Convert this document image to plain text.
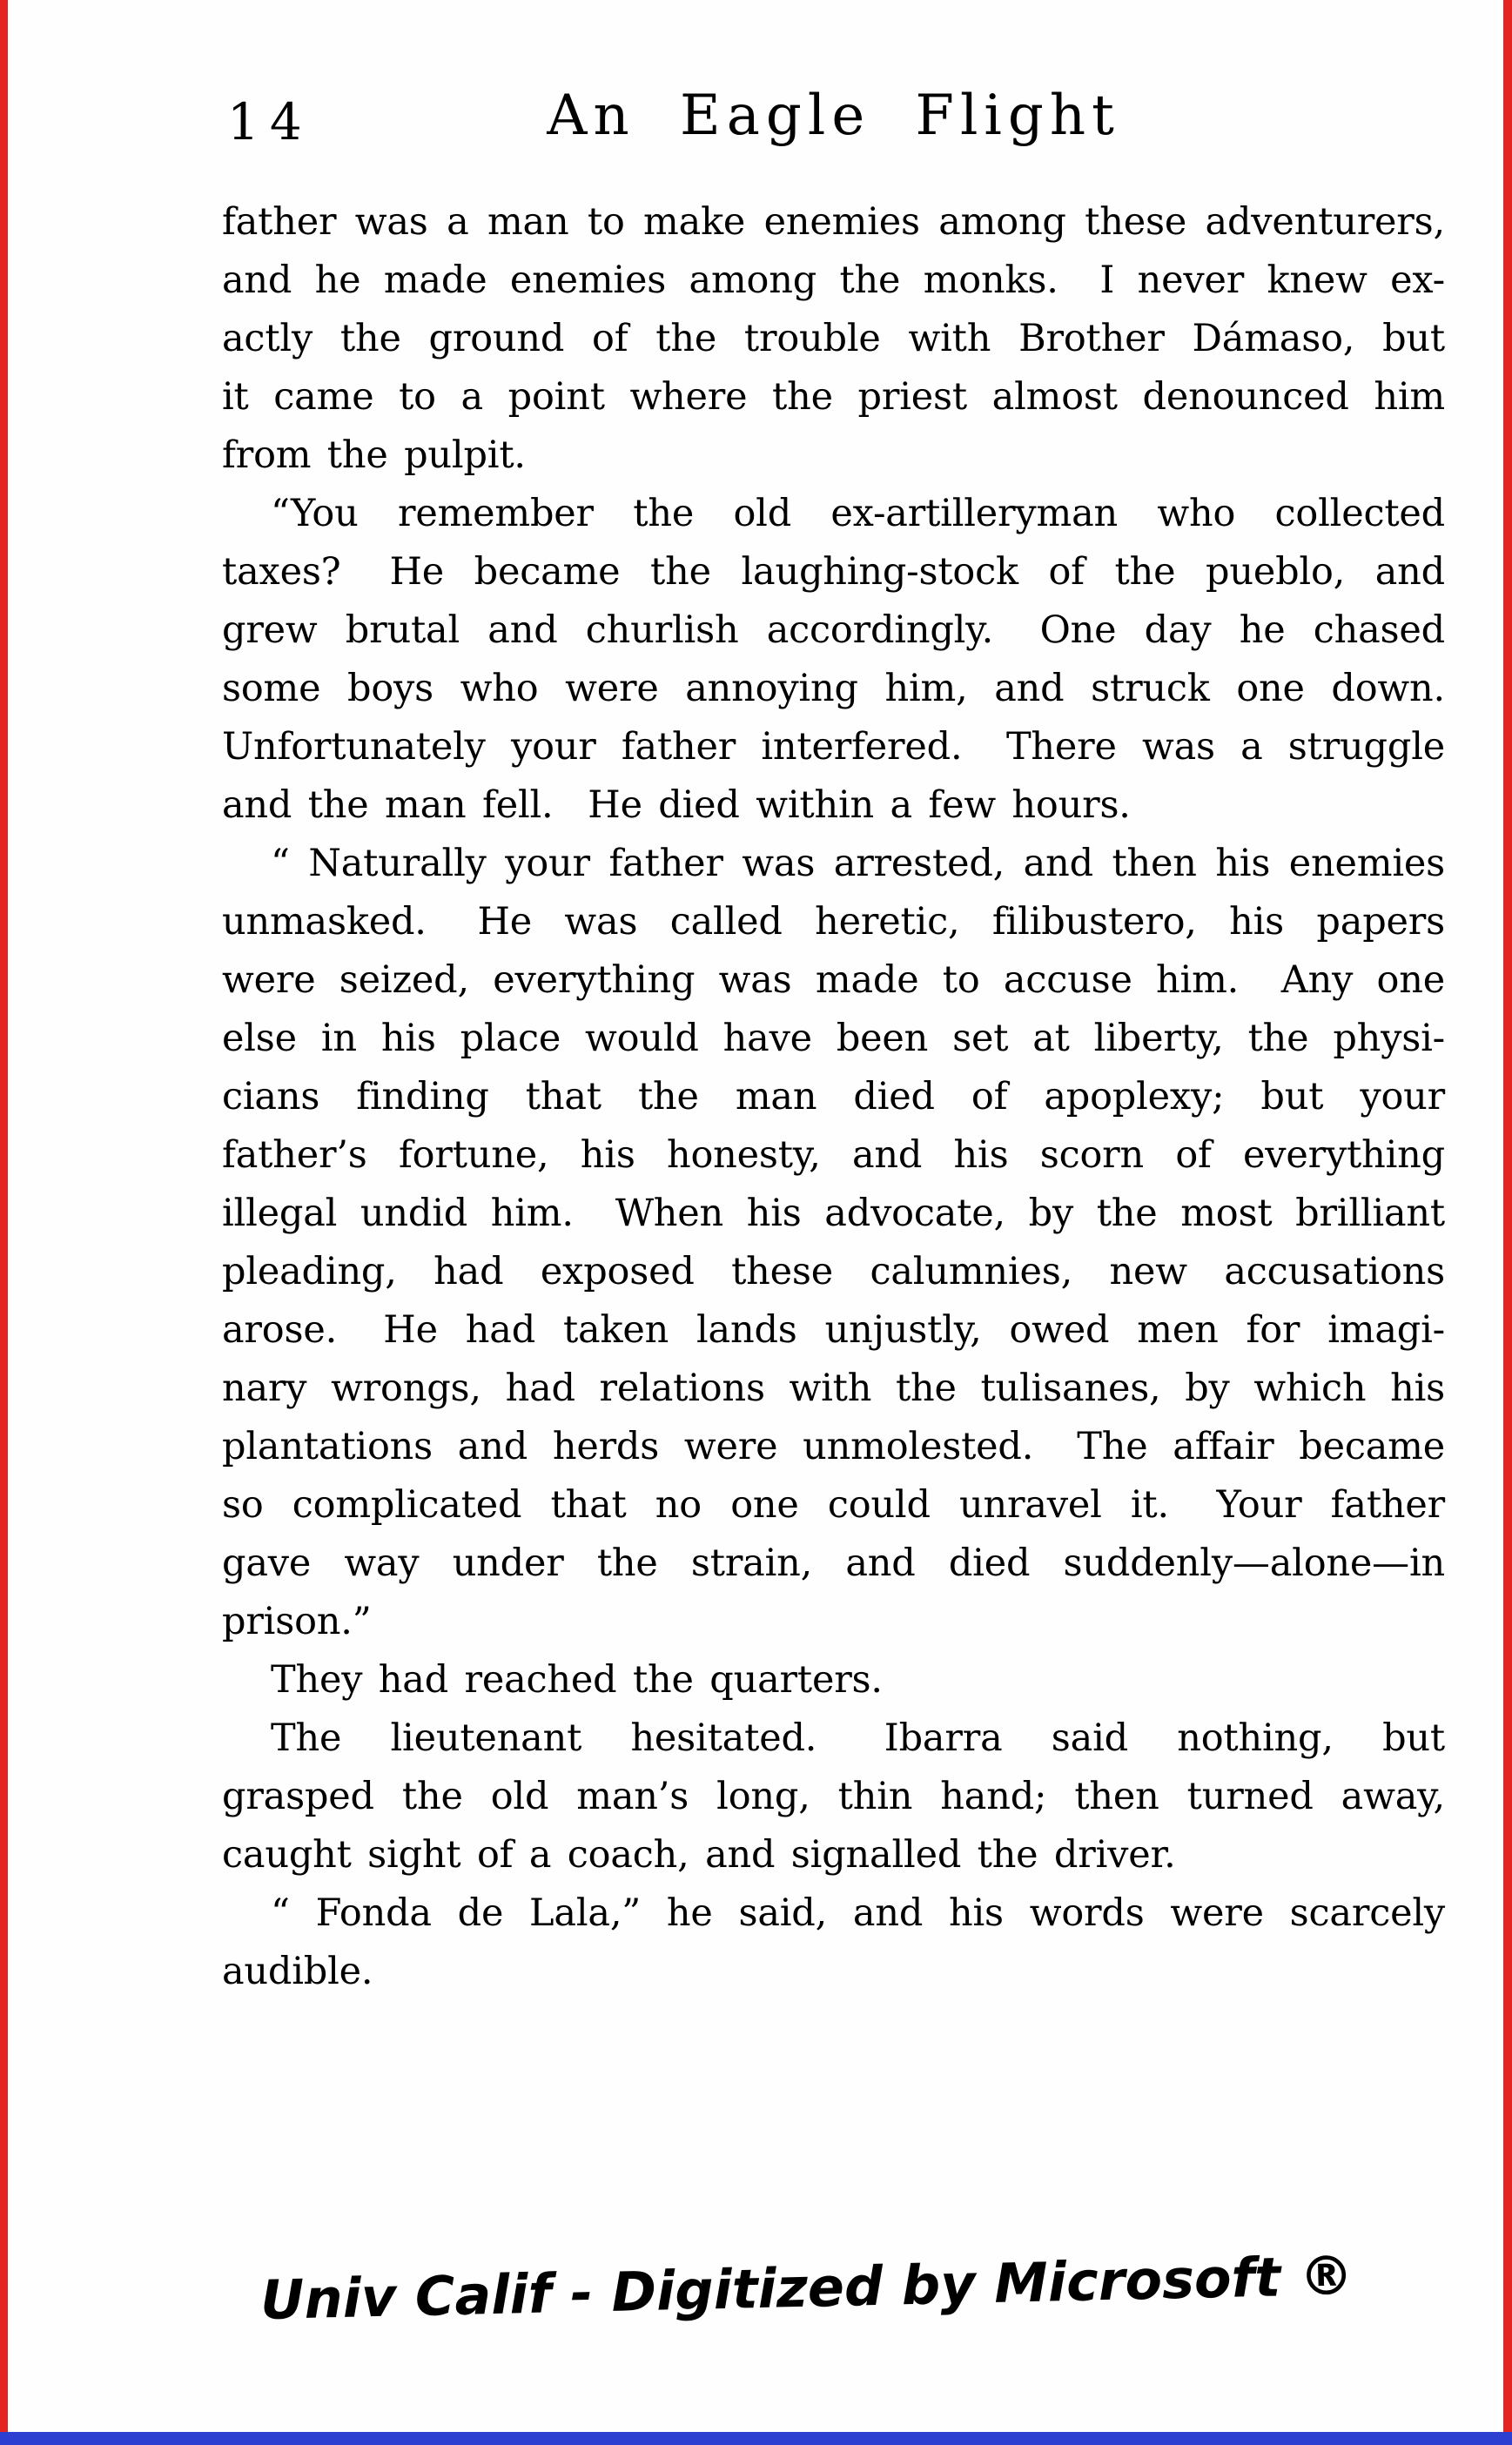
14	An Eagle Flight
father was a man to make enemies among these adventurers,
and he made enemies among the monks.  I never knew ex-
actly the ground of the trouble with Brother Dámaso, but
it came to a point where the priest almost denounced him
from the pulpit.
“You remember the old ex-artilleryman who collected
taxes?  He became the laughing-stock of the pueblo, and
grew brutal and churlish accordingly.  One day he chased
some boys who were annoying him, and struck one down.
Unfortunately your father interfered.  There was a struggle
and the man fell.  He died within a few hours.
“ Naturally your father was arrested, and then his enemies
unmasked.  He was called heretic, filibustero, his papers
were seized, everything was made to accuse him.  Any one
else in his place would have been set at liberty, the physi-
cians finding that the man died of apoplexy; but your
father’s fortune, his honesty, and his scorn of everything
illegal undid him.  When his advocate, by the most brilliant
pleading, had exposed these calumnies, new accusations
arose.  He had taken lands unjustly, owed men for imagi-
nary wrongs, had relations with the tulisanes, by which his
plantations and herds were unmolested.  The affair became
so complicated that no one could unravel it.  Your father
gave way under the strain, and died suddenly—alone—in
prison.”
They had reached the quarters.
The lieutenant hesitated.  Ibarra said nothing, but
grasped the old man’s long, thin hand; then turned away,
caught sight of a coach, and signalled the driver.
“ Fonda de Lala,” he said, and his words were scarcely
audible.
Univ Calif - Digitized by Microsoft ®
